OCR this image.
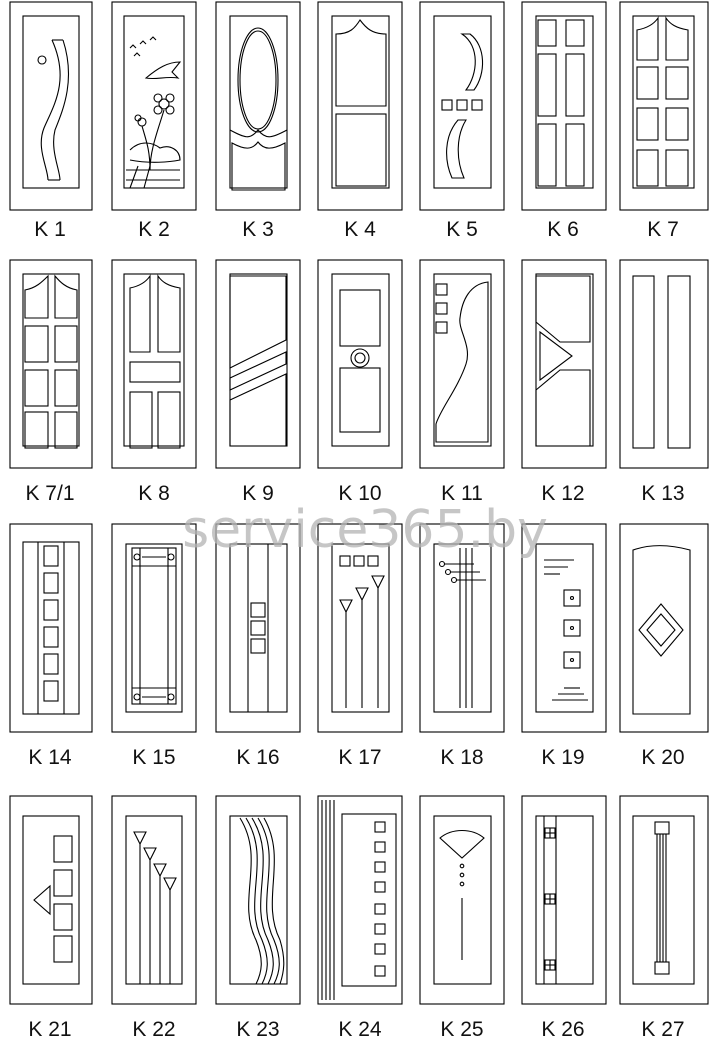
K 1	K 2	K 3	K 4	K 5	K 6	K 7
K 7/1	K 8	K 9	K 10	K 11	K 12	K 13
K 14	K 15	K 16	K 17	K 18	K 19	K 20
K 21	K 22	K 23	K 24	K 25	K 26	K 27
service365.by
